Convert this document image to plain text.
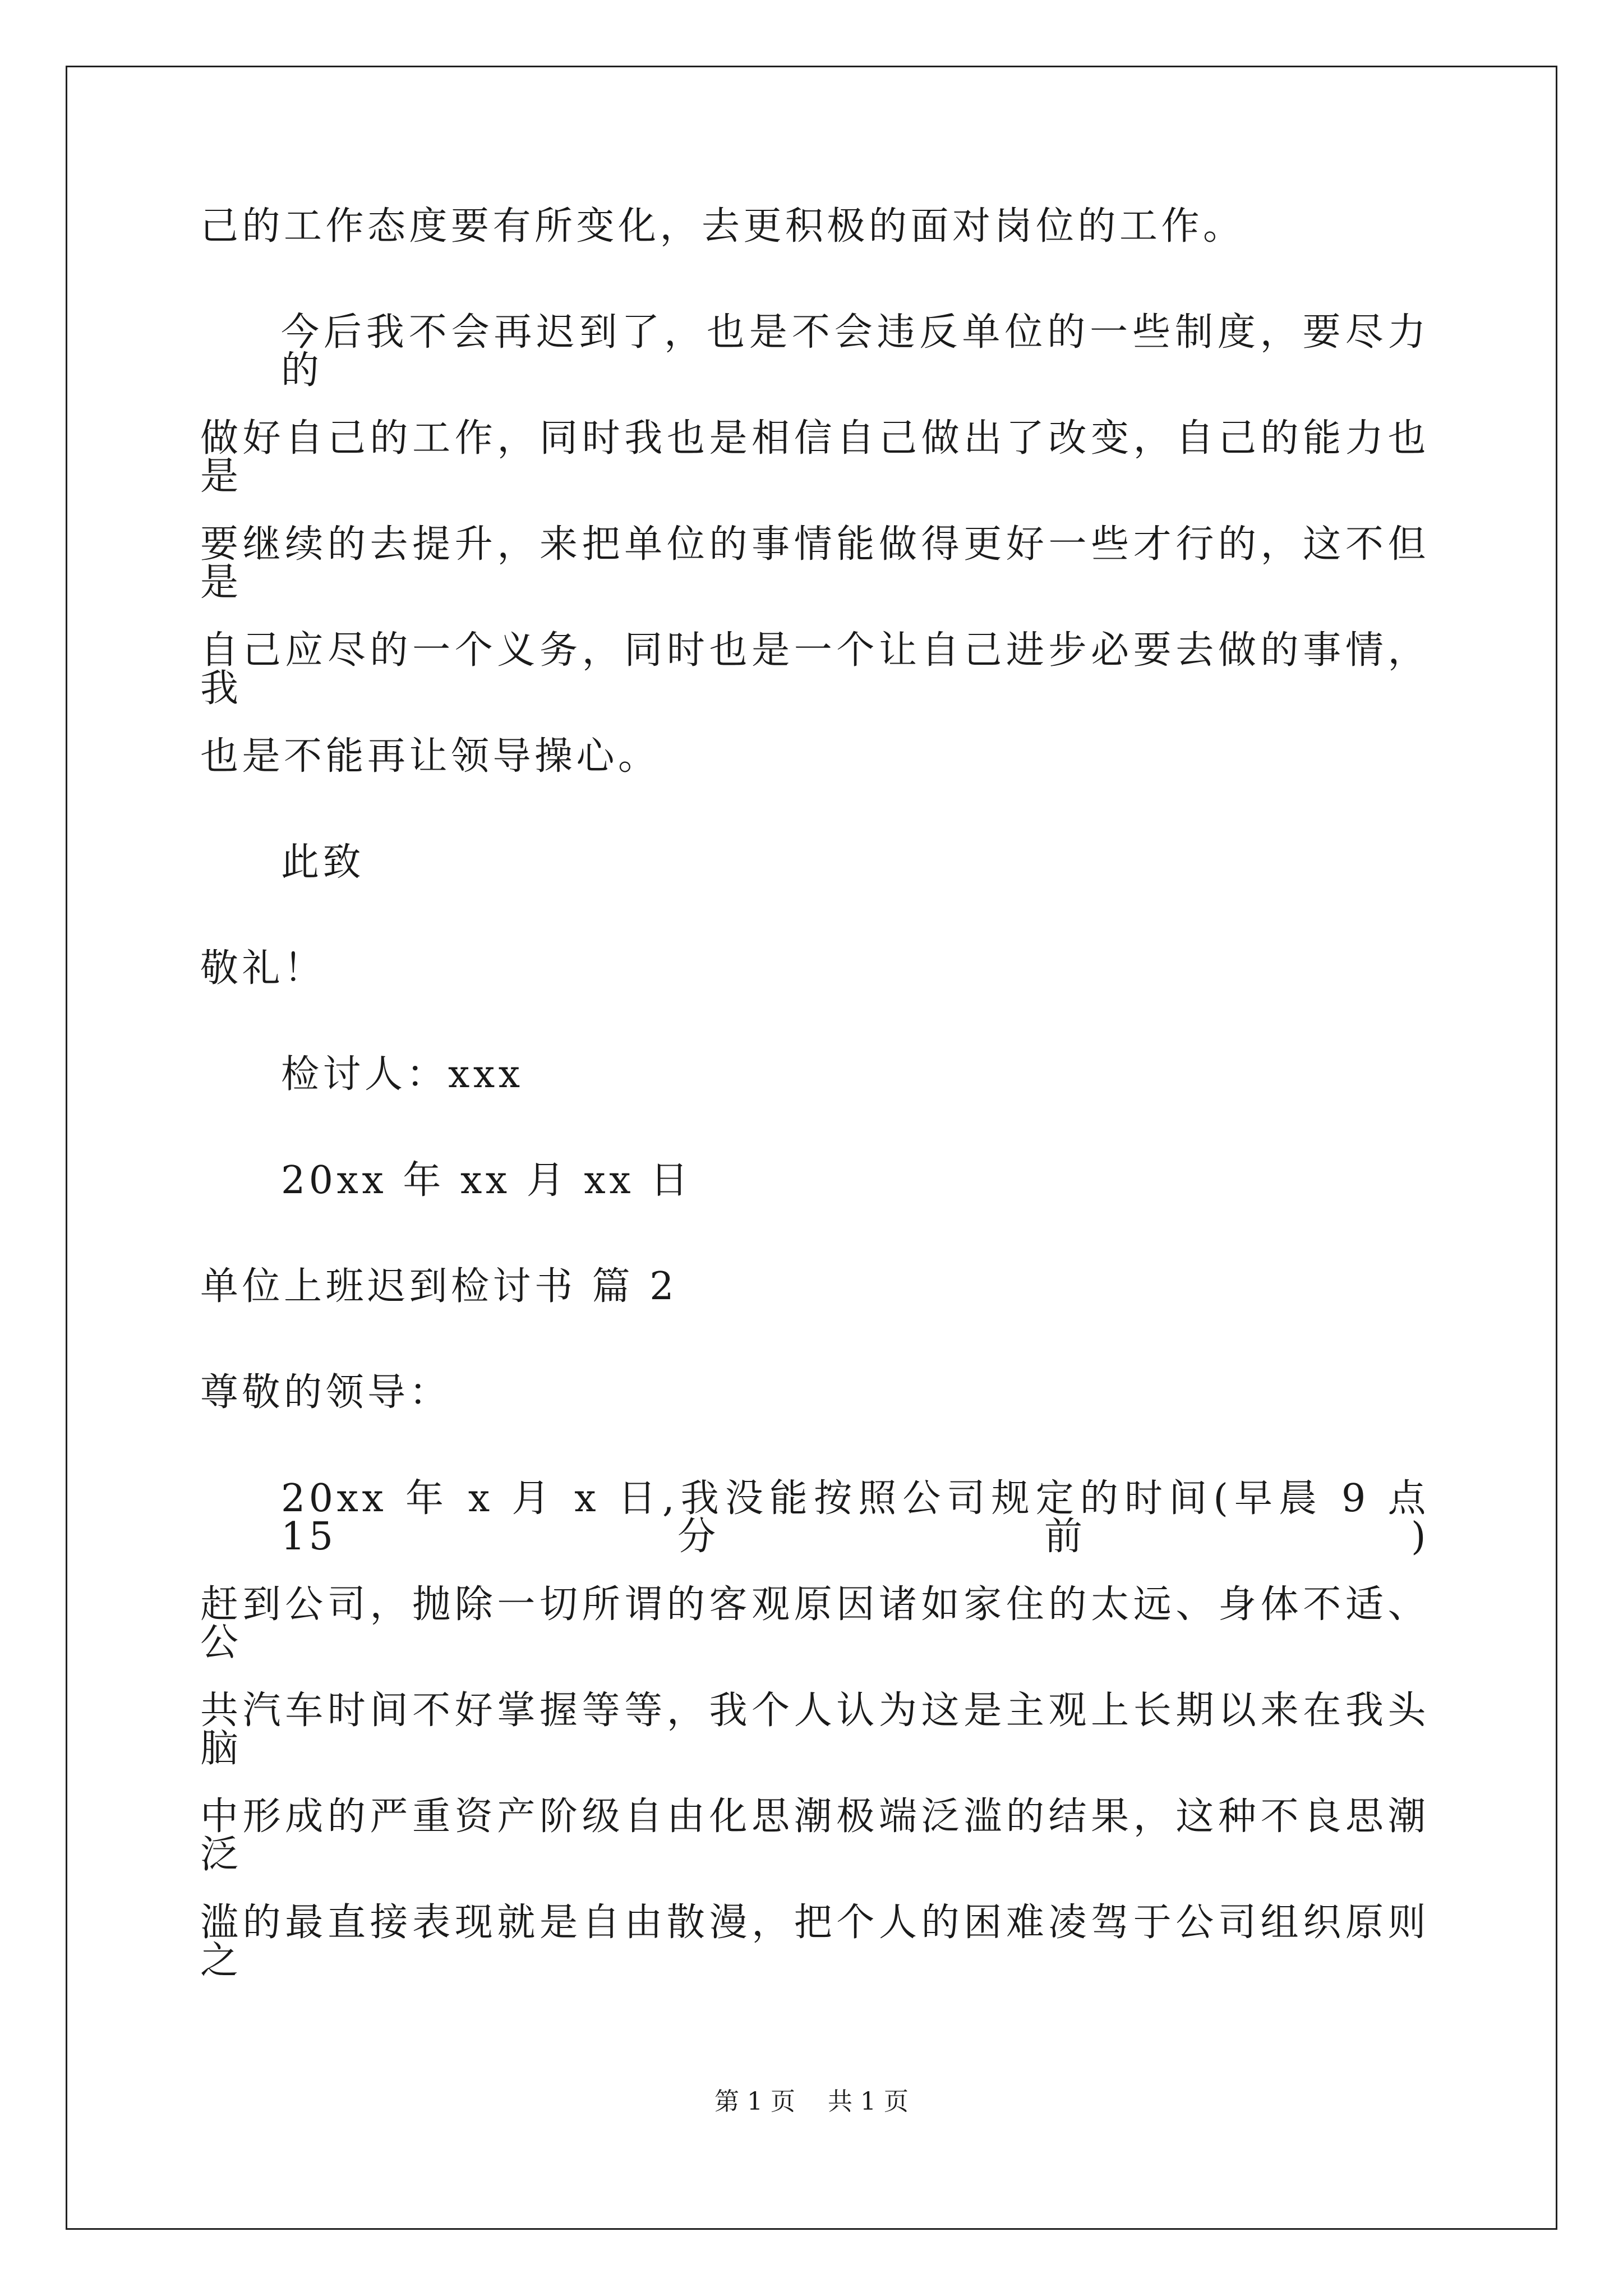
己的工作态度要有所变化，去更积极的面对岗位的工作。
今后我不会再迟到了，也是不会违反单位的一些制度，要尽力的
做好自己的工作，同时我也是相信自己做出了改变，自己的能力也是
要继续的去提升，来把单位的事情能做得更好一些才行的，这不但是
自己应尽的一个义务，同时也是一个让自己进步必要去做的事情，我
也是不能再让领导操心。
此致
敬礼！
检讨人：xxx
20xx 年 xx 月 xx 日
单位上班迟到检讨书 篇 2
尊敬的领导：
20xx 年 x 月 x 日,我没能按照公司规定的时间(早晨 9 点 15 分前)
赶到公司，抛除一切所谓的客观原因诸如家住的太远、身体不适、公
共汽车时间不好掌握等等，我个人认为这是主观上长期以来在我头脑
中形成的严重资产阶级自由化思潮极端泛滥的结果，这种不良思潮泛
滥的最直接表现就是自由散漫，把个人的困难凌驾于公司组织原则之
第 1 页 共 1 页
